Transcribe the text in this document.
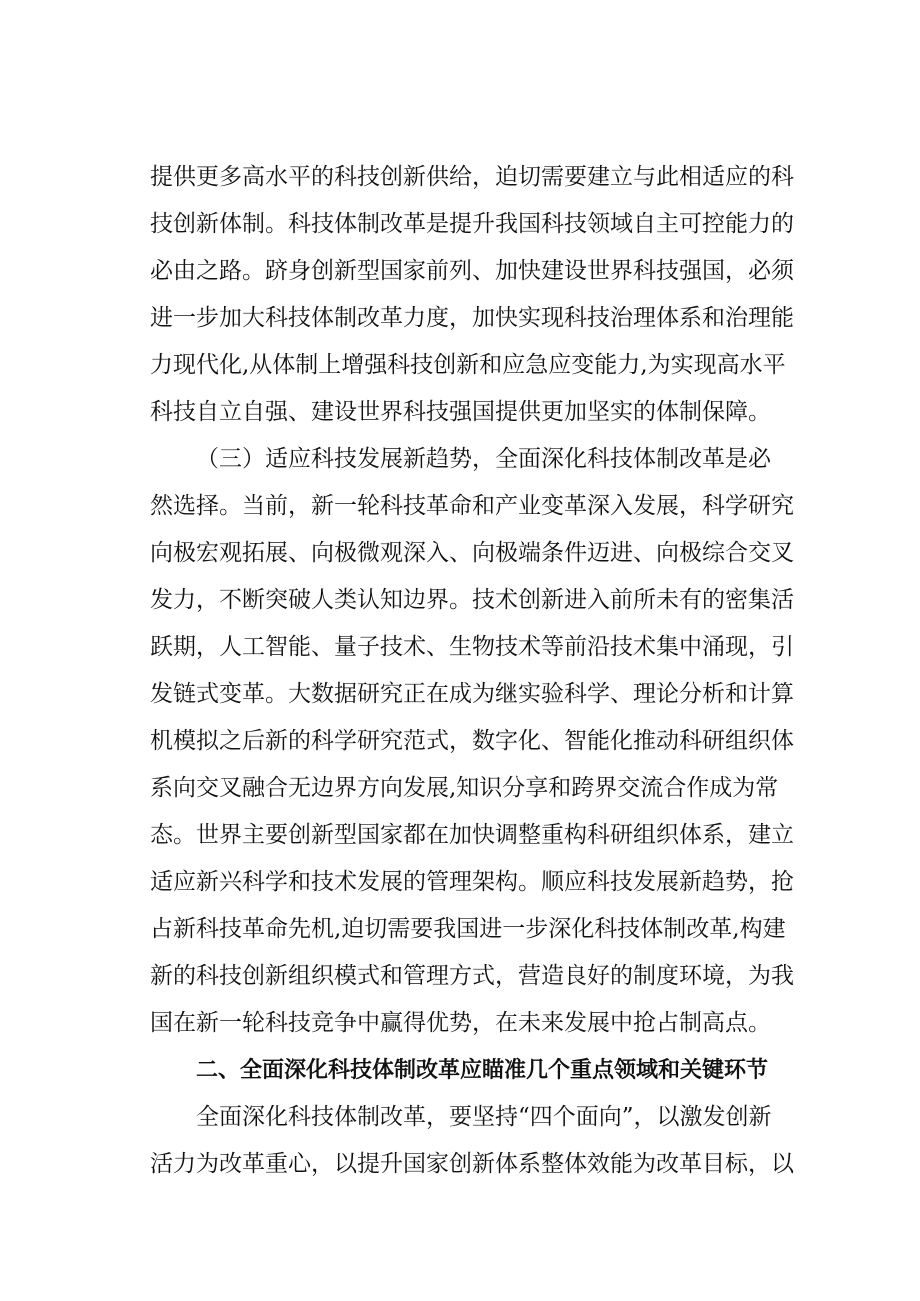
提供更多高水平的科技创新供给，迫切需要建立与此相适应的科
技创新体制。科技体制改革是提升我国科技领域自主可控能力的
必由之路。跻身创新型国家前列、加快建设世界科技强国，必须
进一步加大科技体制改革力度，加快实现科技治理体系和治理能
力现代化,从体制上增强科技创新和应急应变能力,为实现高水平
科技自立自强、建设世界科技强国提供更加坚实的体制保障。
（三）适应科技发展新趋势，全面深化科技体制改革是必
然选择。当前，新一轮科技革命和产业变革深入发展，科学研究
向极宏观拓展、向极微观深入、向极端条件迈进、向极综合交叉
发力，不断突破人类认知边界。技术创新进入前所未有的密集活
跃期，人工智能、量子技术、生物技术等前沿技术集中涌现，引
发链式变革。大数据研究正在成为继实验科学、理论分析和计算
机模拟之后新的科学研究范式，数字化、智能化推动科研组织体
系向交叉融合无边界方向发展,知识分享和跨界交流合作成为常
态。世界主要创新型国家都在加快调整重构科研组织体系，建立
适应新兴科学和技术发展的管理架构。顺应科技发展新趋势，抢
占新科技革命先机,迫切需要我国进一步深化科技体制改革,构建
新的科技创新组织模式和管理方式，营造良好的制度环境，为我
国在新一轮科技竞争中赢得优势，在未来发展中抢占制高点。
二、全面深化科技体制改革应瞄准几个重点领域和关键环节
全面深化科技体制改革，要坚持“四个面向”，以激发创新
活力为改革重心，以提升国家创新体系整体效能为改革目标，以
